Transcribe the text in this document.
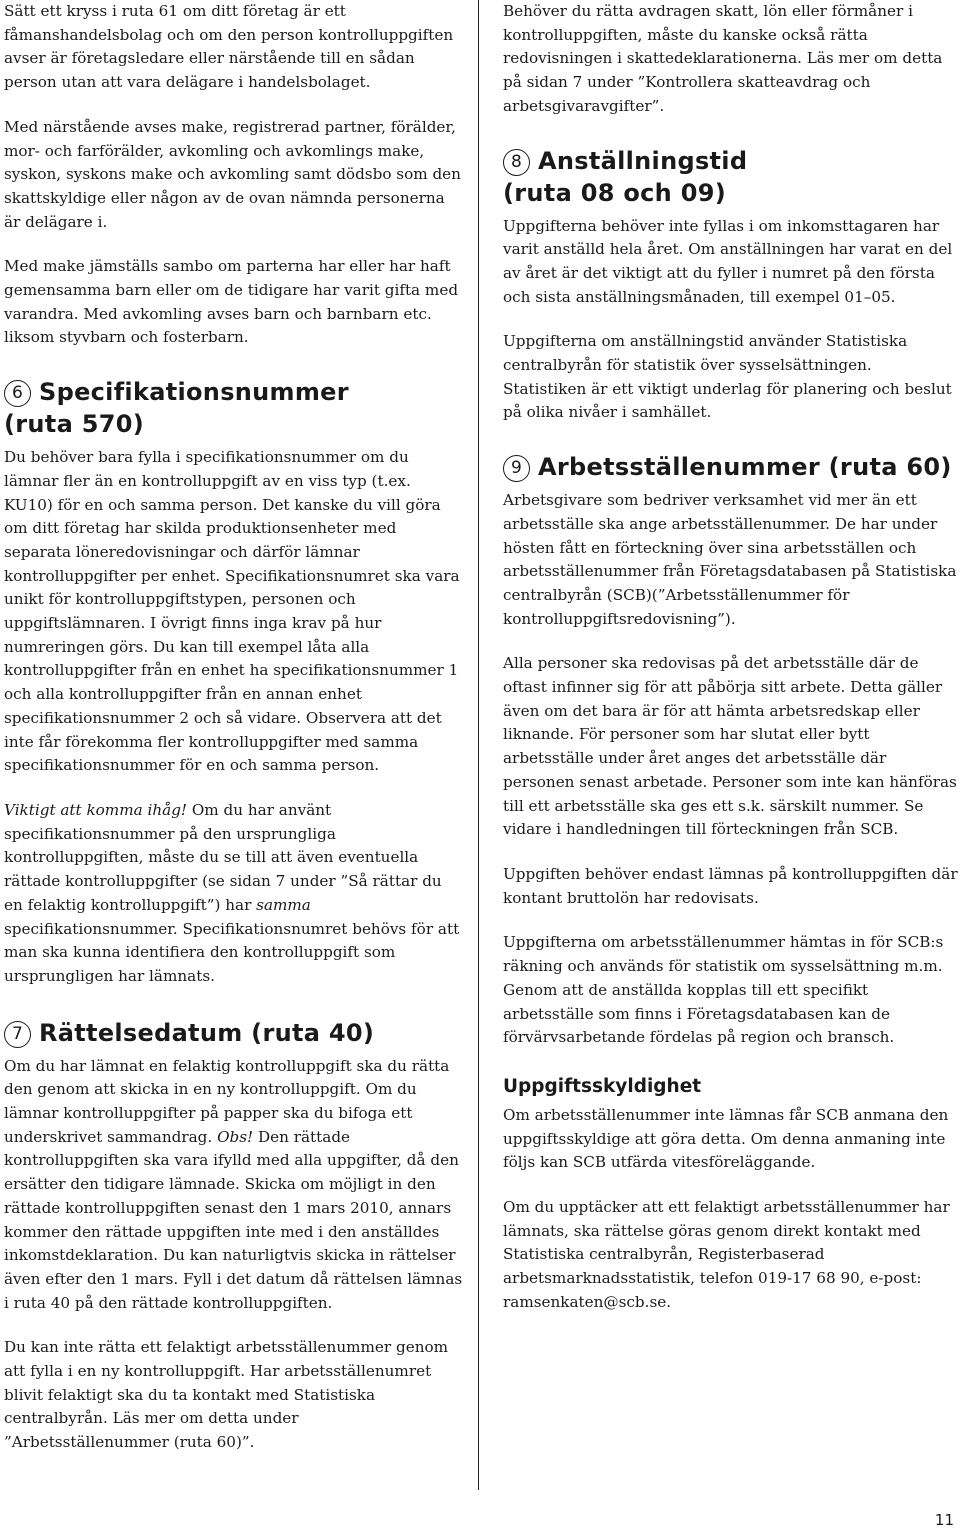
Sätt ett kryss i ruta 61 om ditt företag är ett fåmanshandelsbolag och om den person kontrolluppgiften avser är företagsledare eller närstående till en sådan person utan att vara delägare i handelsbolaget.

Med närstående avses make, registrerad partner, förälder, mor- och farförälder, avkomling och avkomlings make, syskon, syskons make och avkomling samt dödsbo som den skattskyldige eller någon av de ovan nämnda personerna är delägare i.

Med make jämställs sambo om parterna har eller har haft gemensamma barn eller om de tidigare har varit gifta med varandra. Med avkomling avses barn och barnbarn etc. liksom styvbarn och fosterbarn.

6 Specifikationsnummer
(ruta 570)

Du behöver bara fylla i specifikationsnummer om du lämnar fler än en kontrolluppgift av en viss typ (t.ex. KU10) för en och samma person. Det kanske du vill göra om ditt företag har skilda produktionsenheter med separata löneredovisningar och därför lämnar kontrolluppgifter per enhet. Specifikationsnumret ska vara unikt för kontrolluppgiftstypen, personen och uppgiftslämnaren. I övrigt finns inga krav på hur numreringen görs. Du kan till exempel låta alla kontrolluppgifter från en enhet ha specifikationsnummer 1 och alla kontrolluppgifter från en annan enhet specifikationsnummer 2 och så vidare. Observera att det inte får förekomma fler kontrolluppgifter med samma specifikationsnummer för en och samma person.

Viktigt att komma ihåg! Om du har använt specifikationsnummer på den ursprungliga kontrolluppgiften, måste du se till att även eventuella rättade kontrolluppgifter (se sidan 7 under ”Så rättar du en felaktig kontrolluppgift”) har samma specifikationsnummer. Specifikationsnumret behövs för att man ska kunna identifiera den kontrolluppgift som ursprungligen har lämnats.

7 Rättelsedatum (ruta 40)

Om du har lämnat en felaktig kontrolluppgift ska du rätta den genom att skicka in en ny kontrolluppgift. Om du lämnar kontrolluppgifter på papper ska du bifoga ett underskrivet sammandrag. Obs! Den rättade kontrolluppgiften ska vara ifylld med alla uppgifter, då den ersätter den tidigare lämnade. Skicka om möjligt in den rättade kontrolluppgiften senast den 1 mars 2010, annars kommer den rättade uppgiften inte med i den anställdes inkomstdeklaration. Du kan naturligtvis skicka in rättelser även efter den 1 mars. Fyll i det datum då rättelsen lämnas i ruta 40 på den rättade kontrolluppgiften.

Du kan inte rätta ett felaktigt arbetsställenummer genom att fylla i en ny kontrolluppgift. Har arbetsställenumret blivit felaktigt ska du ta kontakt med Statistiska centralbyrån. Läs mer om detta under ”Arbetsställenummer (ruta 60)”.

Behöver du rätta avdragen skatt, lön eller förmåner i kontrolluppgiften, måste du kanske också rätta redovisningen i skattedeklarationerna. Läs mer om detta på sidan 7 under ”Kontrollera skatteavdrag och arbetsgivaravgifter”.

8 Anställningstid
(ruta 08 och 09)

Uppgifterna behöver inte fyllas i om inkomsttagaren har varit anställd hela året. Om anställningen har varat en del av året är det viktigt att du fyller i numret på den första och sista anställningsmånaden, till exempel 01–05.

Uppgifterna om anställningstid använder Statistiska centralbyrån för statistik över sysselsättningen. Statistiken är ett viktigt underlag för planering och beslut på olika nivåer i samhället.

9 Arbetsställenummer (ruta 60)

Arbetsgivare som bedriver verksamhet vid mer än ett arbetsställe ska ange arbetsställenummer. De har under hösten fått en förteckning över sina arbetsställen och arbetsställenummer från Företagsdatabasen på Statistiska centralbyrån (SCB)(”Arbetsställenummer för kontrolluppgiftsredovisning”).

Alla personer ska redovisas på det arbetsställe där de oftast infinner sig för att påbörja sitt arbete. Detta gäller även om det bara är för att hämta arbetsredskap eller liknande. För personer som har slutat eller bytt arbetsställe under året anges det arbetsställe där personen senast arbetade. Personer som inte kan hänföras till ett arbetsställe ska ges ett s.k. särskilt nummer. Se vidare i handledningen till förteckningen från SCB.

Uppgiften behöver endast lämnas på kontrolluppgiften där kontant bruttolön har redovisats.

Uppgifterna om arbetsställenummer hämtas in för SCB:s räkning och används för statistik om sysselsättning m.m. Genom att de anställda kopplas till ett specifikt arbetsställe som finns i Företagsdatabasen kan de förvärvsarbetande fördelas på region och bransch.

Uppgiftsskyldighet

Om arbetsställenummer inte lämnas får SCB anmana den uppgiftsskyldige att göra detta. Om denna anmaning inte följs kan SCB utfärda vitesföreläggande.

Om du upptäcker att ett felaktigt arbetsställenummer har lämnats, ska rättelse göras genom direkt kontakt med Statistiska centralbyrån, Registerbaserad arbetsmarknadsstatistik, telefon 019-17 68 90, e-post: ramsenkaten@scb.se.

11
